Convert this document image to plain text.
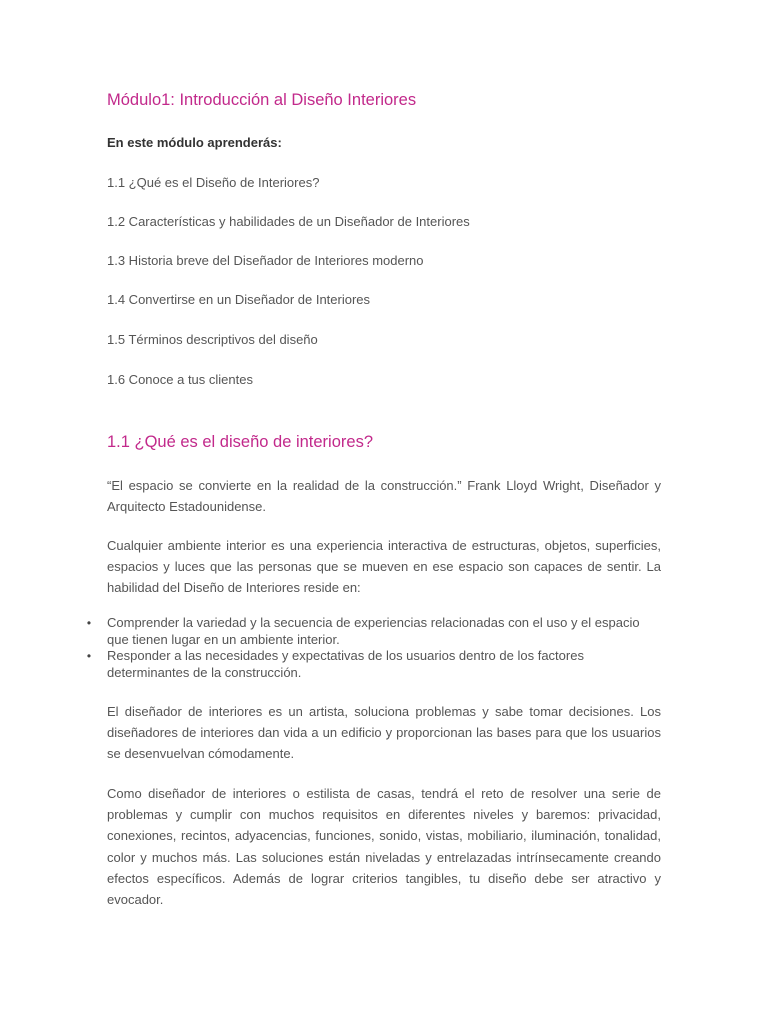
Módulo1: Introducción al Diseño Interiores

En este módulo aprenderás:

1.1 ¿Qué es el Diseño de Interiores?

1.2 Características y habilidades de un Diseñador de Interiores

1.3 Historia breve del Diseñador de Interiores moderno

1.4 Convertirse en un Diseñador de Interiores

1.5 Términos descriptivos del diseño

1.6 Conoce a tus clientes

1.1 ¿Qué es el diseño de interiores?

“El espacio se convierte en la realidad de la construcción.” Frank Lloyd Wright, Diseñador y Arquitecto Estadounidense.

Cualquier ambiente interior es una experiencia interactiva de estructuras, objetos, superficies, espacios y luces que las personas que se mueven en ese espacio son capaces de sentir. La habilidad del Diseño de Interiores reside en:

• Comprender la variedad y la secuencia de experiencias relacionadas con el uso y el espacio que tienen lugar en un ambiente interior.
• Responder a las necesidades y expectativas de los usuarios dentro de los factores determinantes de la construcción.

El diseñador de interiores es un artista, soluciona problemas y sabe tomar decisiones. Los diseñadores de interiores dan vida a un edificio y proporcionan las bases para que los usuarios se desenvuelvan cómodamente.

Como diseñador de interiores o estilista de casas, tendrá el reto de resolver una serie de problemas y cumplir con muchos requisitos en diferentes niveles y baremos: privacidad, conexiones, recintos, adyacencias, funciones, sonido, vistas, mobiliario, iluminación, tonalidad, color y muchos más. Las soluciones están niveladas y entrelazadas intrínsecamente creando efectos específicos. Además de lograr criterios tangibles, tu diseño debe ser atractivo y evocador.
